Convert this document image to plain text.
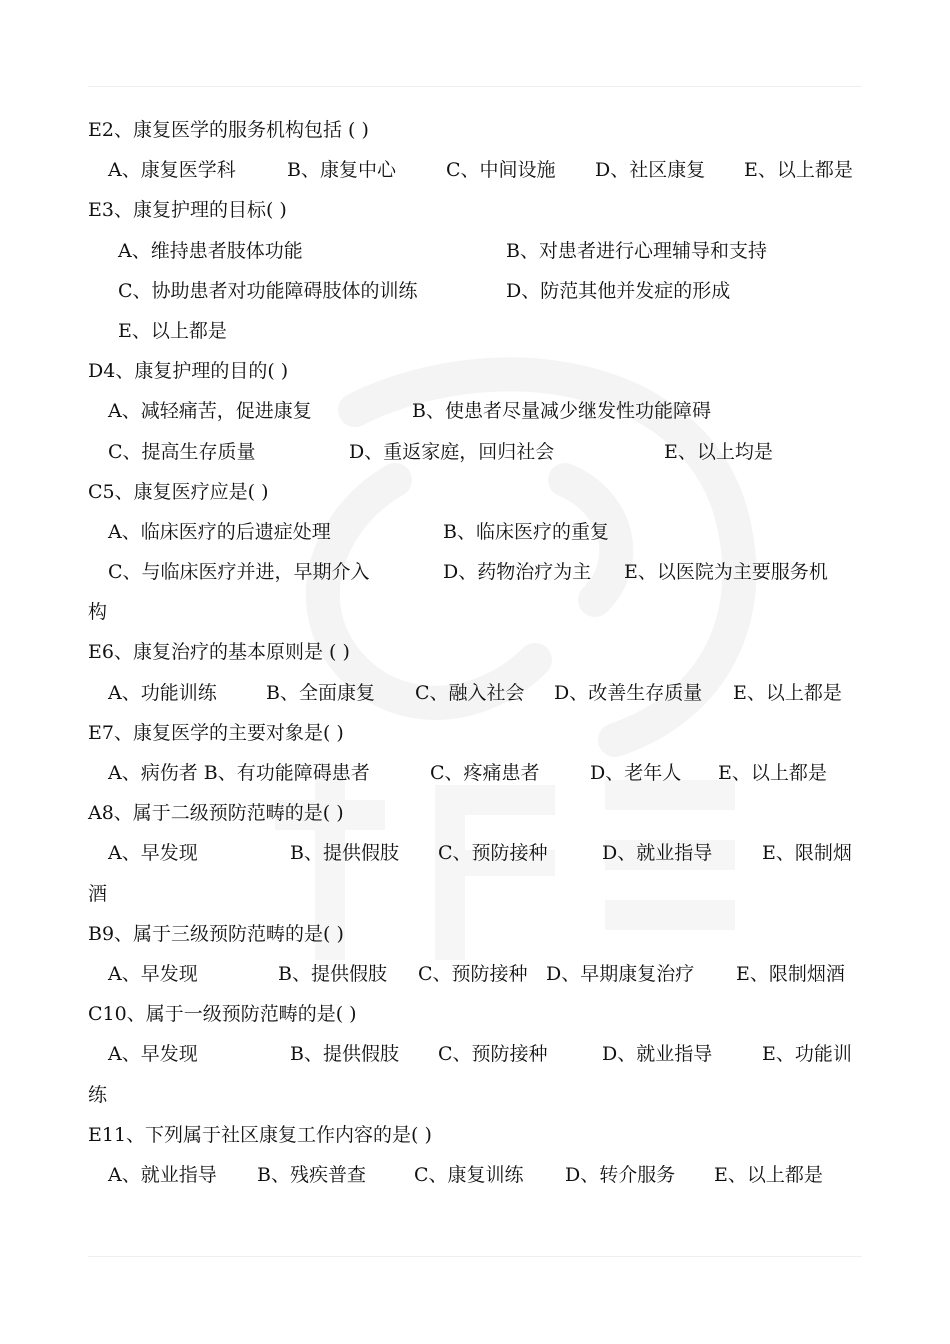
E2、康复医学的服务机构包括 ( )
A、康复医学科	B、康复中心	C、中间设施 D、社区康复 E、以上都是
E3、康复护理的目标( )
A、维持患者肢体功能	B、对患者进行心理辅导和支持
C、协助患者对功能障碍肢体的训练	D、防范其他并发症的形成
E、以上都是
D4、康复护理的目的( )
A、减轻痛苦，促进康复	B、使患者尽量减少继发性功能障碍
C、提高生存质量	D、重返家庭，回归社会	E、以上均是
C5、康复医疗应是( )
A、临床医疗的后遗症处理	B、临床医疗的重复
C、与临床医疗并进，早期介入	D、药物治疗为主 E、以医院为主要服务机
构
E6、康复治疗的基本原则是 ( )
A、功能训练	B、全面康复 C、融入社会 D、改善生存质量 E、以上都是
E7、康复医学的主要对象是( )
A、病伤者 B、有功能障碍患者	C、疼痛患者	D、老年人 E、以上都是
A8、属于二级预防范畴的是( )
A、早发现	B、提供假肢 C、预防接种	D、就业指导	E、限制烟
酒
B9、属于三级预防范畴的是( )
A、早发现	B、提供假肢 C、预防接种 D、早期康复治疗 E、限制烟酒
C10、属于一级预防范畴的是( )
A、早发现	B、提供假肢 C、预防接种	D、就业指导	E、功能训
练
E11、下列属于社区康复工作内容的是( )
A、就业指导 B、残疾普查	C、康复训练 D、转介服务 E、以上都是
